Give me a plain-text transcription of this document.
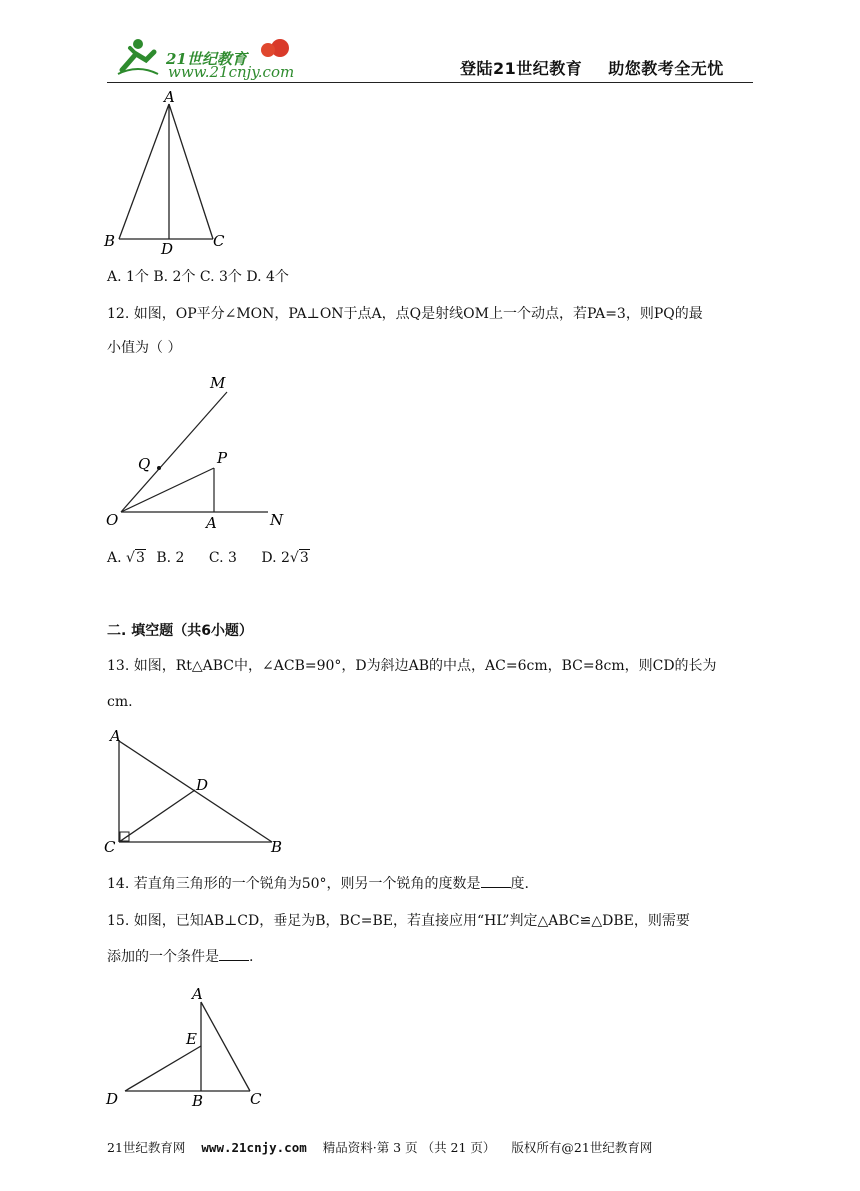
21世纪教育
www.21cnjy.com	登陆21世纪教育 助您教考全无忧
A
B	D	C
A. 1个 B. 2个 C. 3个 D. 4个
12. 如图，OP平分∠MON，PA⊥ON于点A，点Q是射线OM上一个动点，若PA=3，则PQ的最
小值为（ ）
M
Q	P
O	A	N
A. √3 B. 2 C. 3 D. 2√3
二. 填空题（共6小题）
13. 如图，Rt△ABC中，∠ACB=90°，D为斜边AB的中点，AC=6cm，BC=8cm，则CD的长为
cm.
A
D
C	B
14. 若直角三角形的一个锐角为50°，则另一个锐角的度数是 度.
15. 如图，已知AB⊥CD，垂足为B，BC=BE，若直接应用“HL”判定△ABC≌△DBE，则需要
添加的一个条件是 .
A
E
D	B	C
21世纪教育网 www.21cnjy.com 精品资料·第 3 页 （共 21 页） 版权所有@21世纪教育网
